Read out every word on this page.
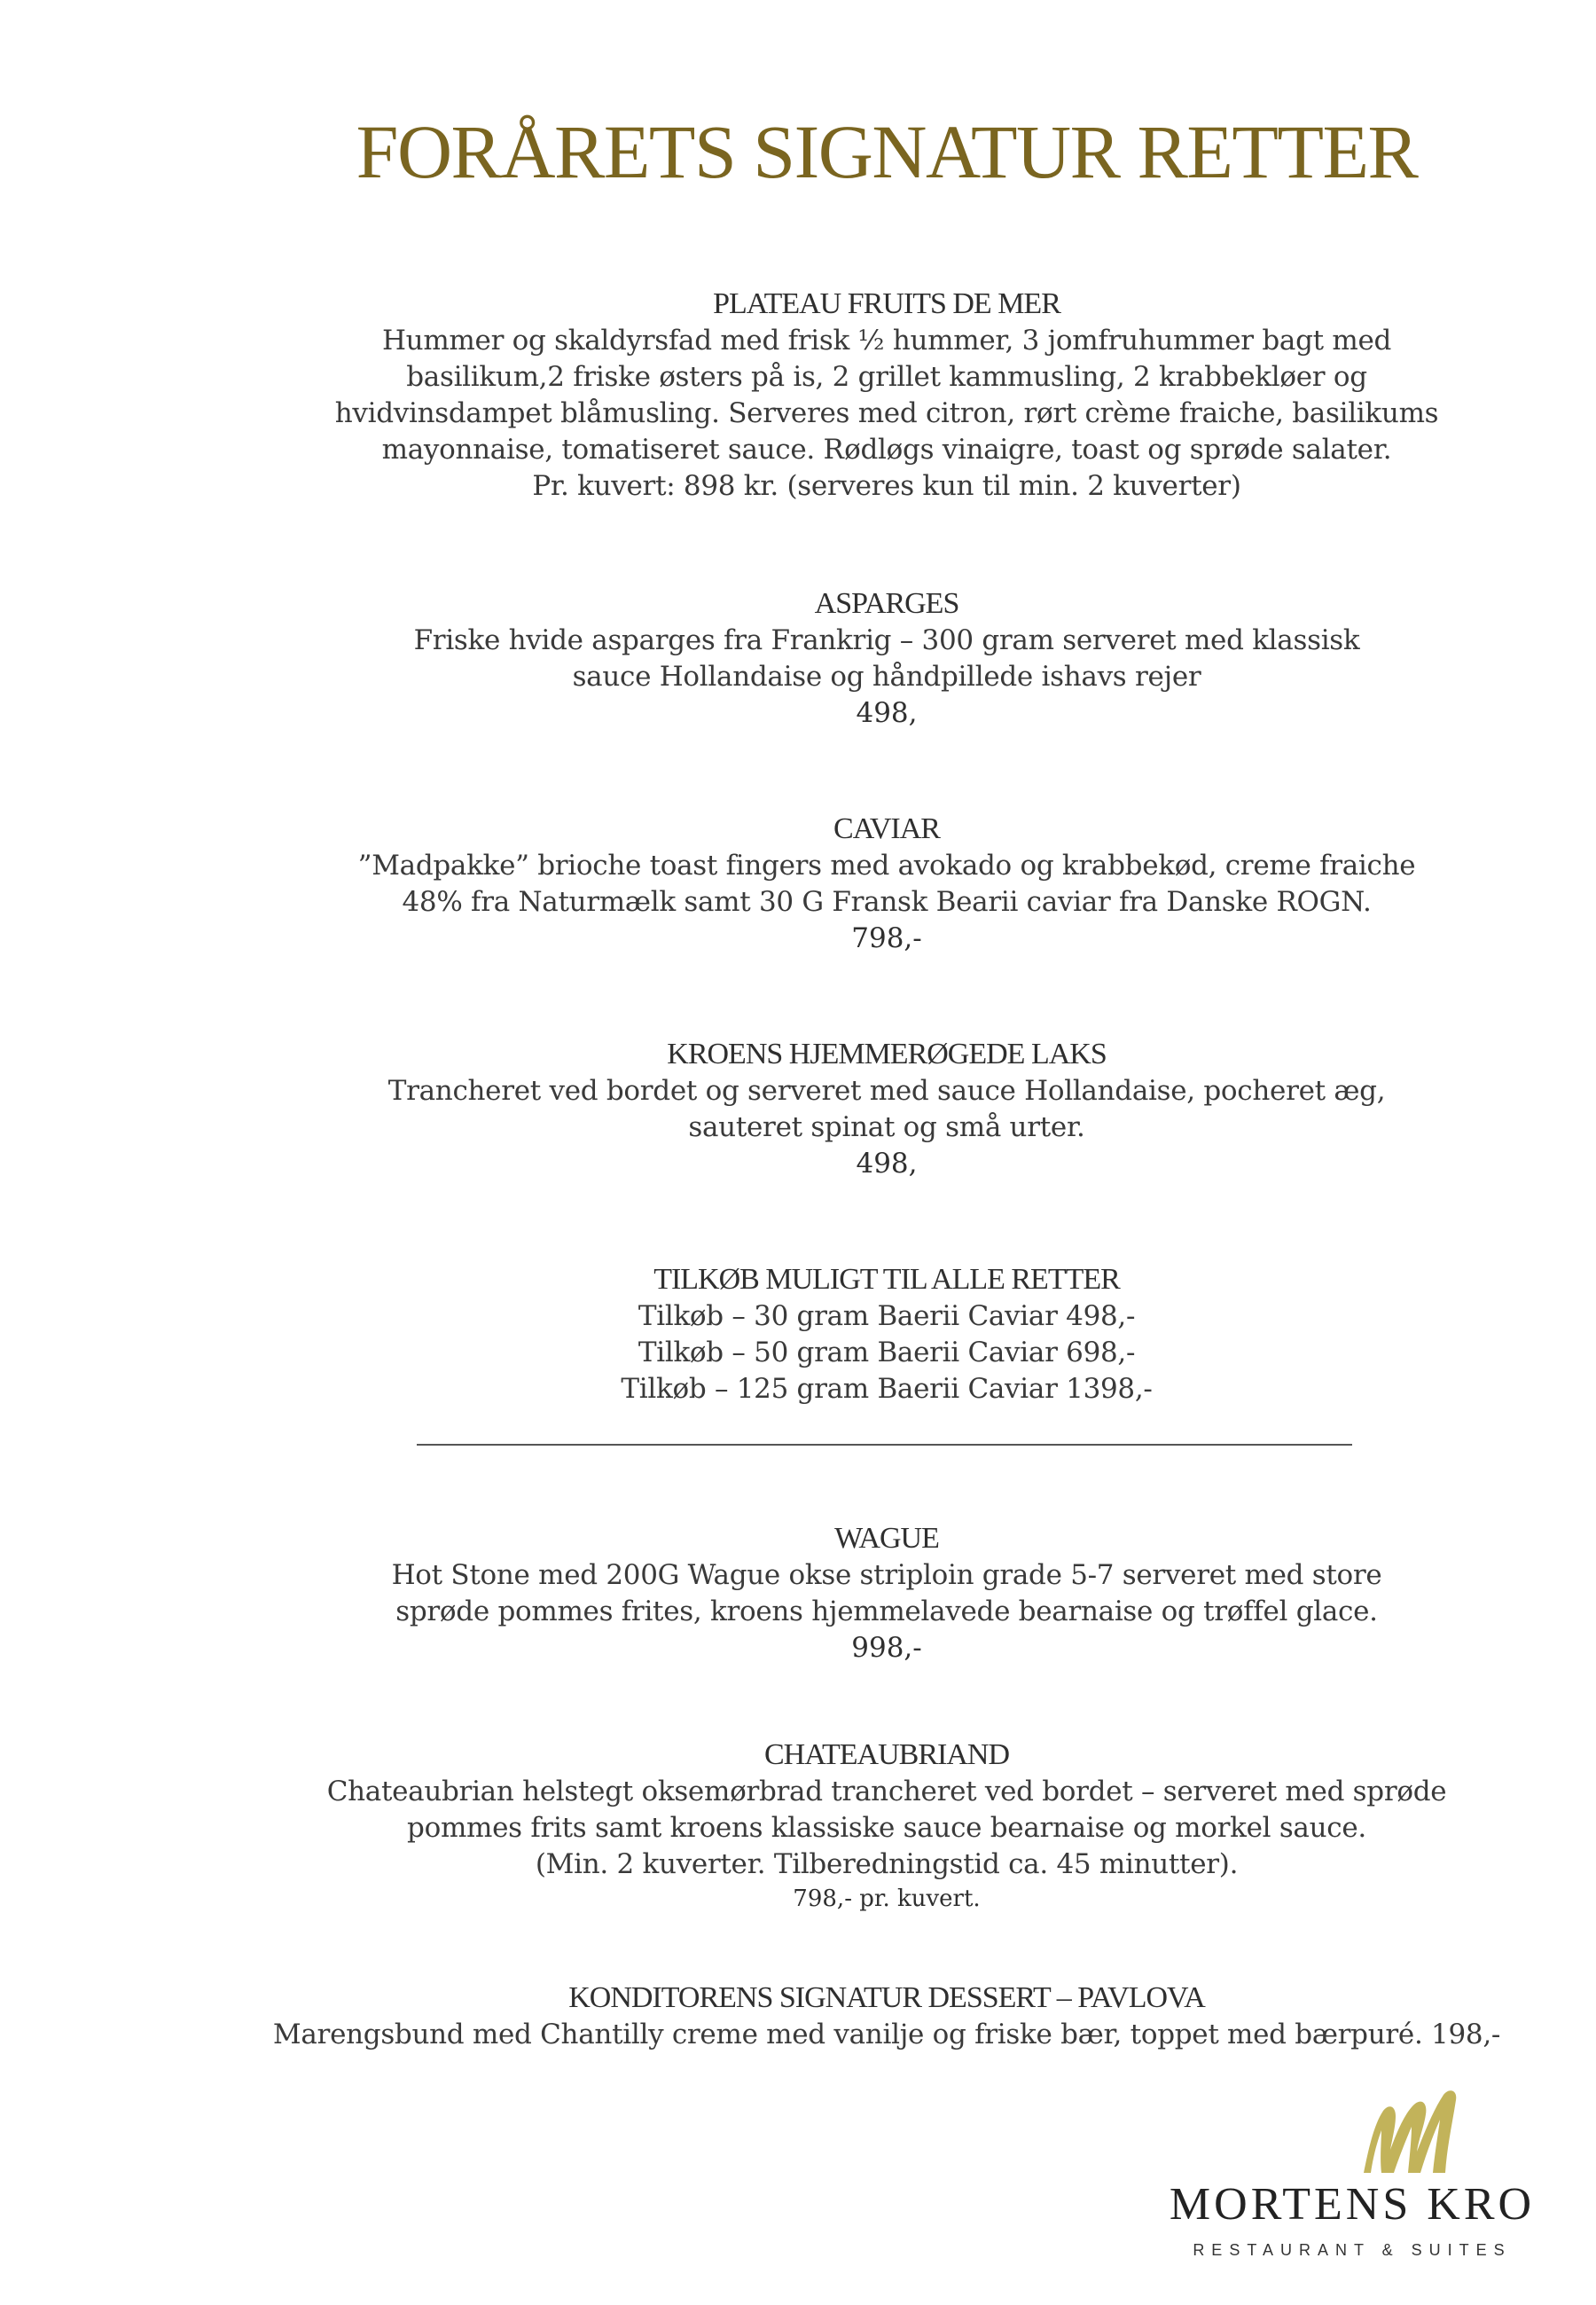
FORÅRETS SIGNATUR RETTER
PLATEAU FRUITS DE MER
Hummer og skaldyrsfad med frisk ½ hummer, 3 jomfruhummer bagt med
basilikum,2 friske østers på is, 2 grillet kammusling, 2 krabbekløer og
hvidvinsdampet blåmusling. Serveres med citron, rørt crème fraiche, basilikums
mayonnaise, tomatiseret sauce. Rødløgs vinaigre, toast og sprøde salater.
Pr. kuvert: 898 kr. (serveres kun til min. 2 kuverter)
ASPARGES
Friske hvide asparges fra Frankrig – 300 gram serveret med klassisk
sauce Hollandaise og håndpillede ishavs rejer
498,
CAVIAR
”Madpakke” brioche toast fingers med avokado og krabbekød, creme fraiche
48% fra Naturmælk samt 30 G Fransk Bearii caviar fra Danske ROGN.
798,-
KROENS HJEMMERØGEDE LAKS
Trancheret ved bordet og serveret med sauce Hollandaise, pocheret æg,
sauteret spinat og små urter.
498,
TILKØB MULIGT TIL ALLE RETTER
Tilkøb – 30 gram Baerii Caviar 498,-
Tilkøb – 50 gram Baerii Caviar 698,-
Tilkøb – 125 gram Baerii Caviar 1398,-
WAGUE
Hot Stone med 200G Wague okse striploin grade 5-7 serveret med store
sprøde pommes frites, kroens hjemmelavede bearnaise og trøffel glace.
998,-
CHATEAUBRIAND
Chateaubrian helstegt oksemørbrad trancheret ved bordet – serveret med sprøde
pommes frits samt kroens klassiske sauce bearnaise og morkel sauce.
(Min. 2 kuverter. Tilberedningstid ca. 45 minutter).
798,- pr. kuvert.
KONDITORENS SIGNATUR DESSERT – PAVLOVA
Marengsbund med Chantilly creme med vanilje og friske bær, toppet med bærpuré. 198,-
MORTENS KRO
RESTAURANT & SUITES
